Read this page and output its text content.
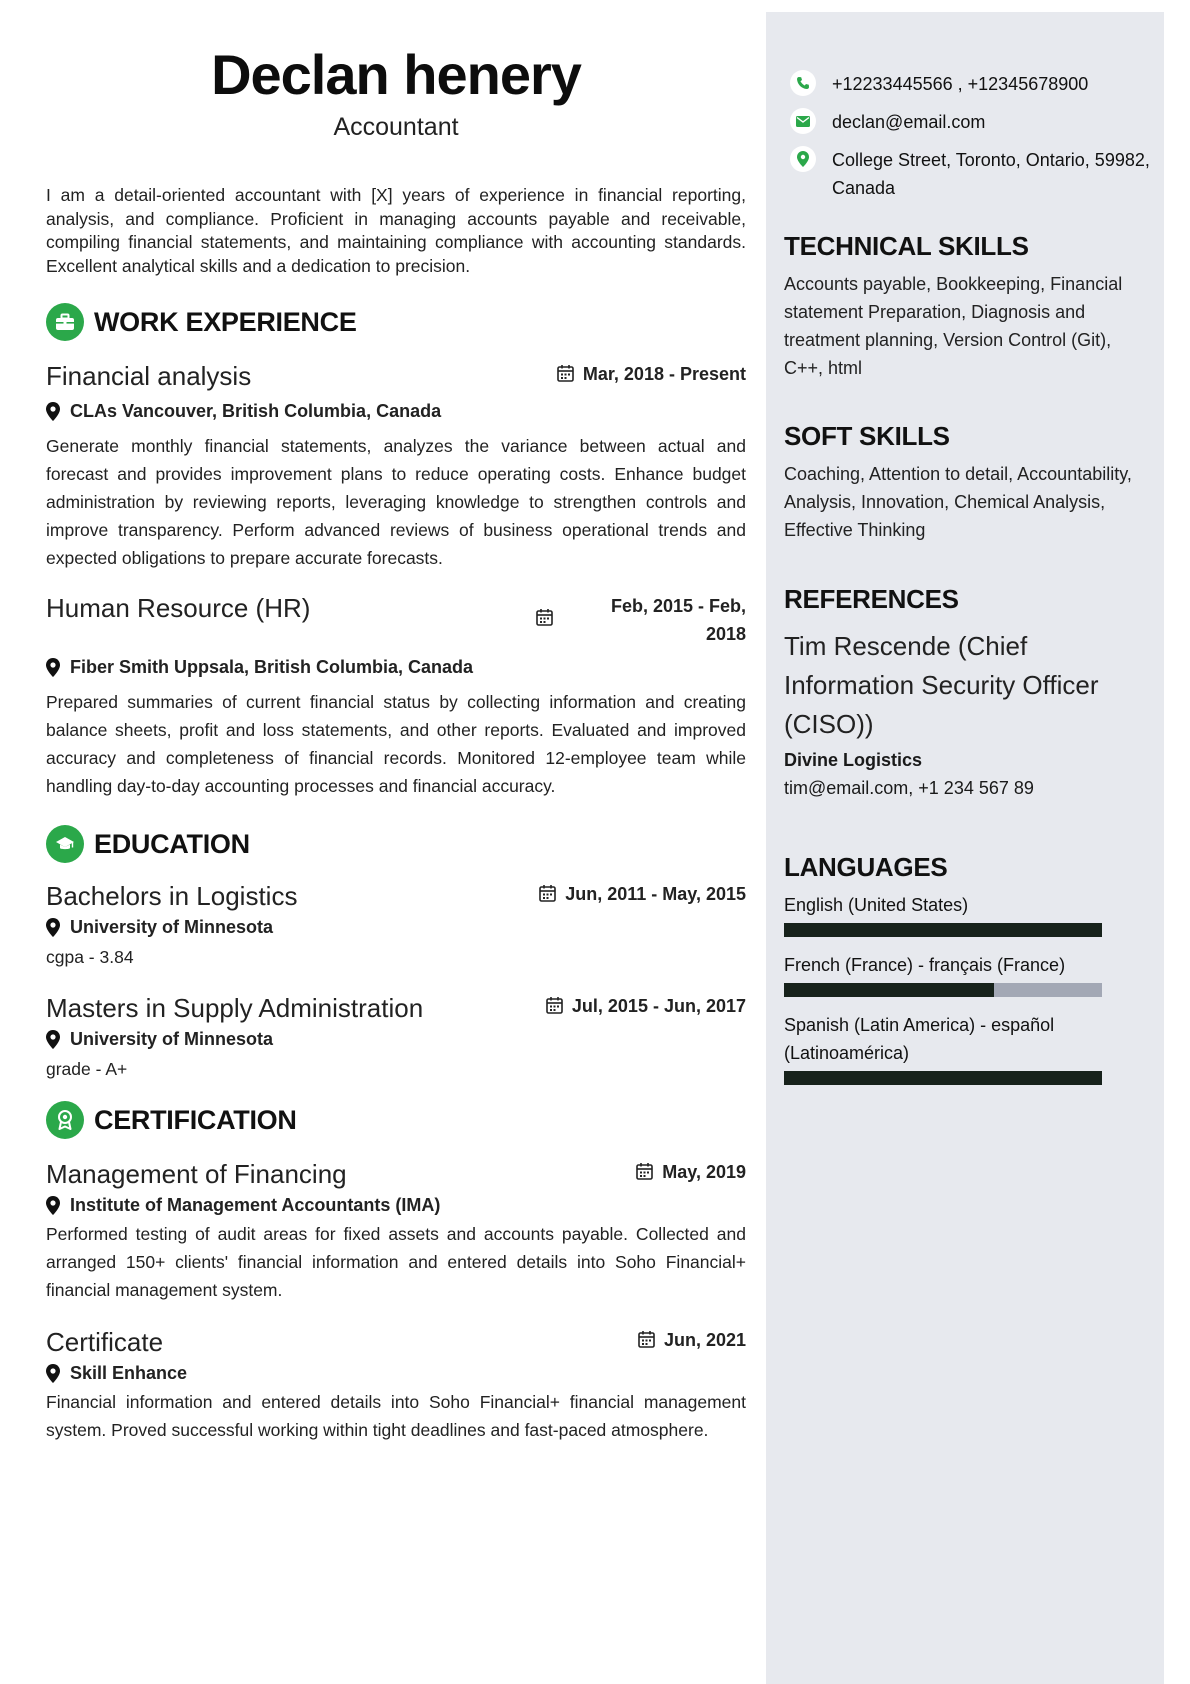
Declan henery
Accountant
I am a detail-oriented accountant with [X] years of experience in financial reporting, analysis, and compliance. Proficient in managing accounts payable and receivable, compiling financial statements, and maintaining compliance with accounting standards. Excellent analytical skills and a dedication to precision.
WORK EXPERIENCE
Financial analysis	Mar, 2018 - Present
CLAs Vancouver, British Columbia, Canada
Generate monthly financial statements, analyzes the variance between actual and forecast and provides improvement plans to reduce operating costs. Enhance budget administration by reviewing reports, leveraging knowledge to strengthen controls and improve transparency. Perform advanced reviews of business operational trends and expected obligations to prepare accurate forecasts.
Human Resource (HR)	Feb, 2015 - Feb, 2018
Fiber Smith Uppsala, British Columbia, Canada
Prepared summaries of current financial status by collecting information and creating balance sheets, profit and loss statements, and other reports. Evaluated and improved accuracy and completeness of financial records. Monitored 12-employee team while handling day-to-day accounting processes and financial accuracy.
EDUCATION
Bachelors in Logistics	Jun, 2011 - May, 2015
University of Minnesota
cgpa - 3.84
Masters in Supply Administration	Jul, 2015 - Jun, 2017
University of Minnesota
grade - A+
CERTIFICATION
Management of Financing	May, 2019
Institute of Management Accountants (IMA)
Performed testing of audit areas for fixed assets and accounts payable. Collected and arranged 150+ clients' financial information and entered details into Soho Financial+ financial management system.
Certificate	Jun, 2021
Skill Enhance
Financial information and entered details into Soho Financial+ financial management system. Proved successful working within tight deadlines and fast-paced atmosphere.
+12233445566 , +12345678900
declan@email.com
College Street, Toronto, Ontario, 59982, Canada
TECHNICAL SKILLS
Accounts payable, Bookkeeping, Financial statement Preparation, Diagnosis and treatment planning, Version Control (Git), C++, html
SOFT SKILLS
Coaching, Attention to detail, Accountability, Analysis, Innovation, Chemical Analysis, Effective Thinking
REFERENCES
Tim Rescende (Chief Information Security Officer (CISO))
Divine Logistics
tim@email.com, +1 234 567 89
LANGUAGES
English (United States)
French (France) - français (France)
Spanish (Latin America) - español (Latinoamérica)
